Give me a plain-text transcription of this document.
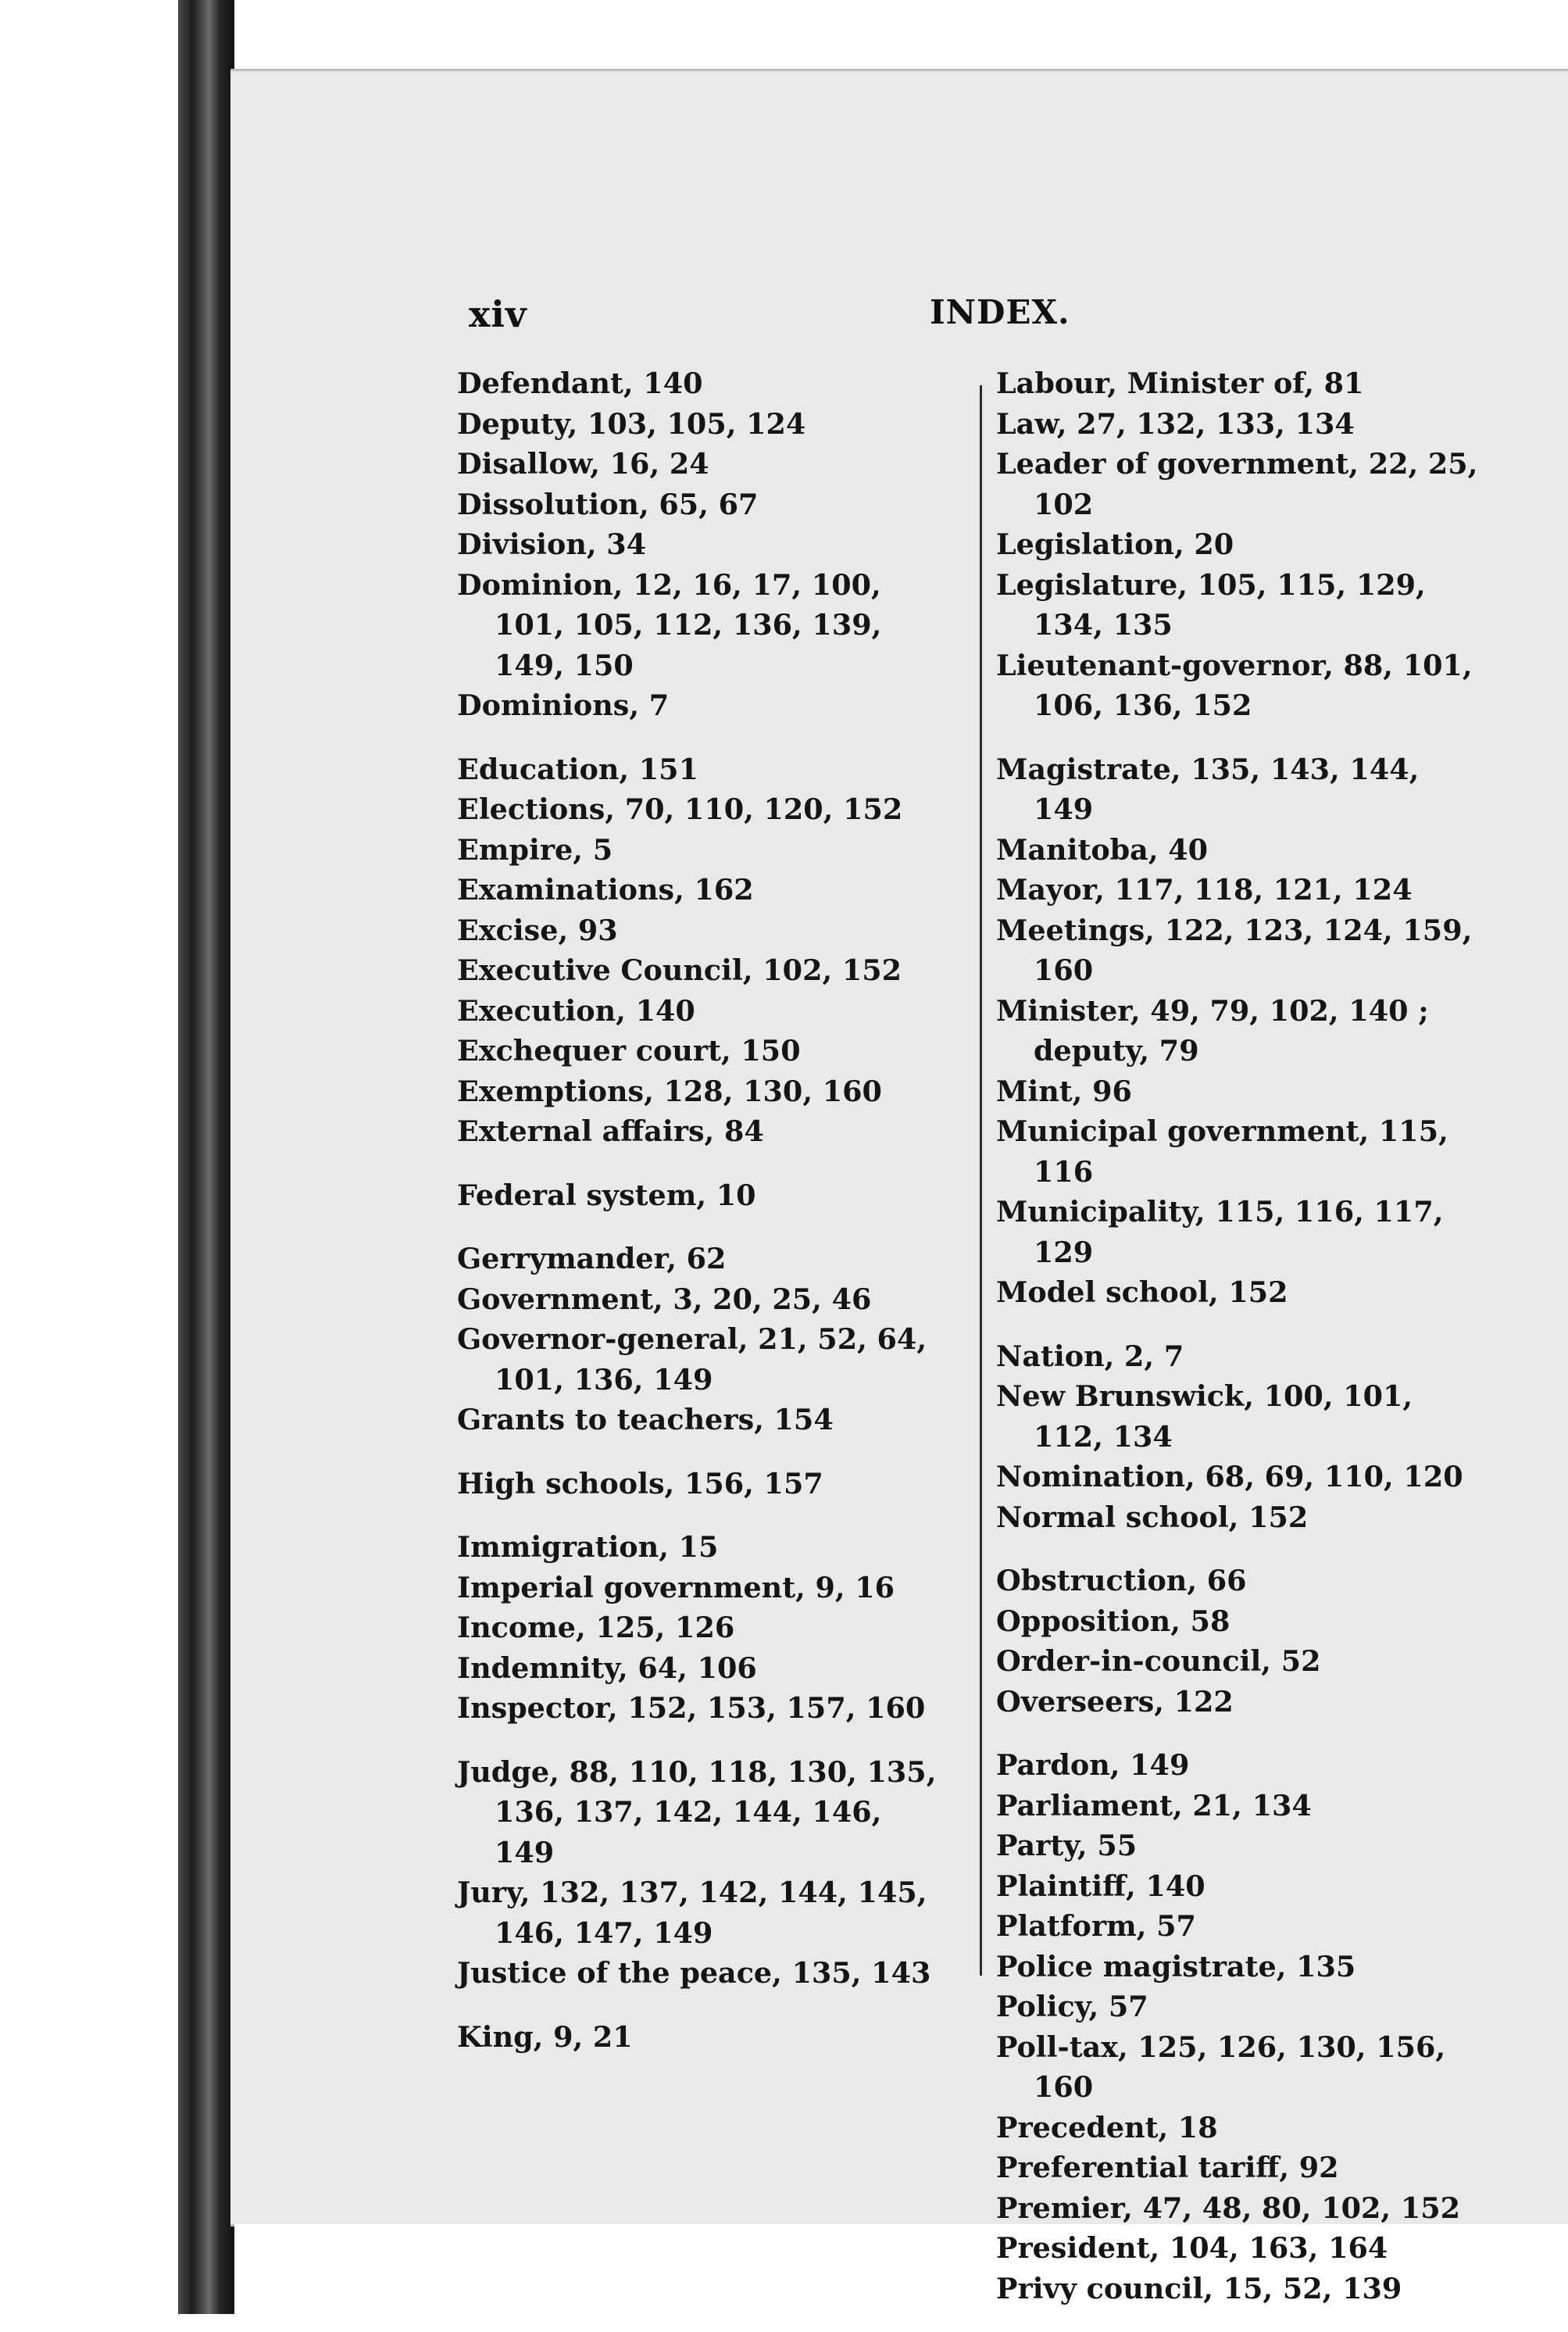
xiv	INDEX.
Defendant, 140
Deputy, 103, 105, 124
Disallow, 16, 24
Dissolution, 65, 67
Division, 34
Dominion, 12, 16, 17, 100, 101, 105, 112, 136, 139, 149, 150
Dominions, 7
Education, 151
Elections, 70, 110, 120, 152
Empire, 5
Examinations, 162
Excise, 93
Executive Council, 102, 152
Execution, 140
Exchequer court, 150
Exemptions, 128, 130, 160
External affairs, 84
Federal system, 10
Gerrymander, 62
Government, 3, 20, 25, 46
Governor-general, 21, 52, 64, 101, 136, 149
Grants to teachers, 154
High schools, 156, 157
Immigration, 15
Imperial government, 9, 16
Income, 125, 126
Indemnity, 64, 106
Inspector, 152, 153, 157, 160
Judge, 88, 110, 118, 130, 135, 136, 137, 142, 144, 146, 149
Jury, 132, 137, 142, 144, 145, 146, 147, 149
Justice of the peace, 135, 143
King, 9, 21
Labour, Minister of, 81
Law, 27, 132, 133, 134
Leader of government, 22, 25, 102
Legislation, 20
Legislature, 105, 115, 129, 134, 135
Lieutenant-governor, 88, 101, 106, 136, 152
Magistrate, 135, 143, 144, 149
Manitoba, 40
Mayor, 117, 118, 121, 124
Meetings, 122, 123, 124, 159, 160
Minister, 49, 79, 102, 140 ; deputy, 79
Mint, 96
Municipal government, 115, 116
Municipality, 115, 116, 117, 129
Model school, 152
Nation, 2, 7
New Brunswick, 100, 101, 112, 134
Nomination, 68, 69, 110, 120
Normal school, 152
Obstruction, 66
Opposition, 58
Order-in-council, 52
Overseers, 122
Pardon, 149
Parliament, 21, 134
Party, 55
Plaintiff, 140
Platform, 57
Police magistrate, 135
Policy, 57
Poll-tax, 125, 126, 130, 156, 160
Precedent, 18
Preferential tariff, 92
Premier, 47, 48, 80, 102, 152
President, 104, 163, 164
Privy council, 15, 52, 139
